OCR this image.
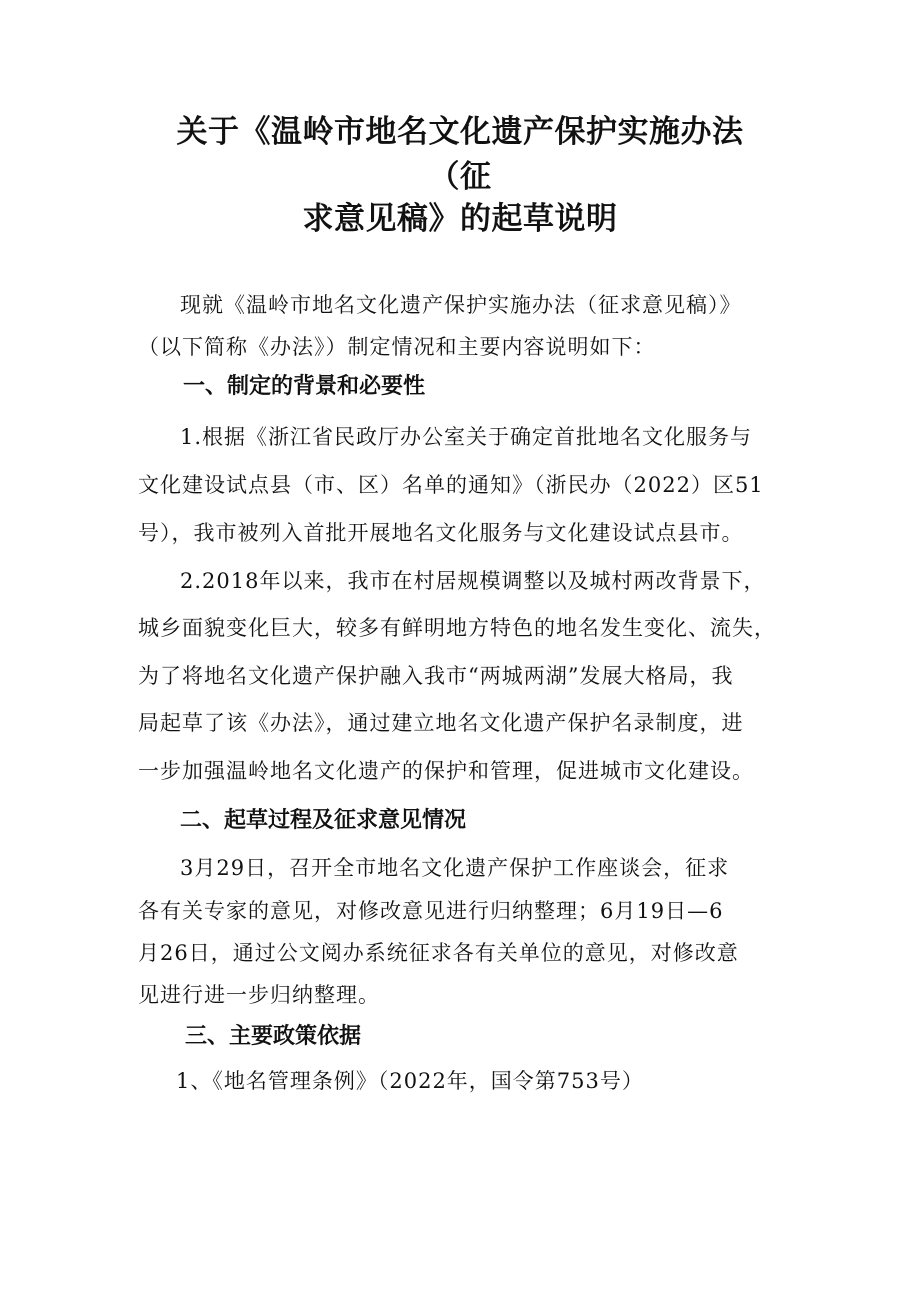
关于《温岭市地名文化遗产保护实施办法
（征
求意见稿》的起草说明
现就《温岭市地名文化遗产保护实施办法（征求意见稿）》
（以下简称《办法》）制定情况和主要内容说明如下：
一、制定的背景和必要性
1.根据《浙江省民政厅办公室关于确定首批地名文化服务与
文化建设试点县（市、区）名单的通知》（浙民办（2022）区51
号），我市被列入首批开展地名文化服务与文化建设试点县市。
2.2018年以来，我市在村居规模调整以及城村两改背景下，
城乡面貌变化巨大，较多有鲜明地方特色的地名发生变化、流失，
为了将地名文化遗产保护融入我市“两城两湖”发展大格局，我
局起草了该《办法》，通过建立地名文化遗产保护名录制度，进
一步加强温岭地名文化遗产的保护和管理，促进城市文化建设。
二、起草过程及征求意见情况
3月29日，召开全市地名文化遗产保护工作座谈会，征求
各有关专家的意见，对修改意见进行归纳整理；6月19日—6
月26日，通过公文阅办系统征求各有关单位的意见，对修改意
见进行进一步归纳整理。
三、主要政策依据
1、《地名管理条例》（2022年，国令第753号）
